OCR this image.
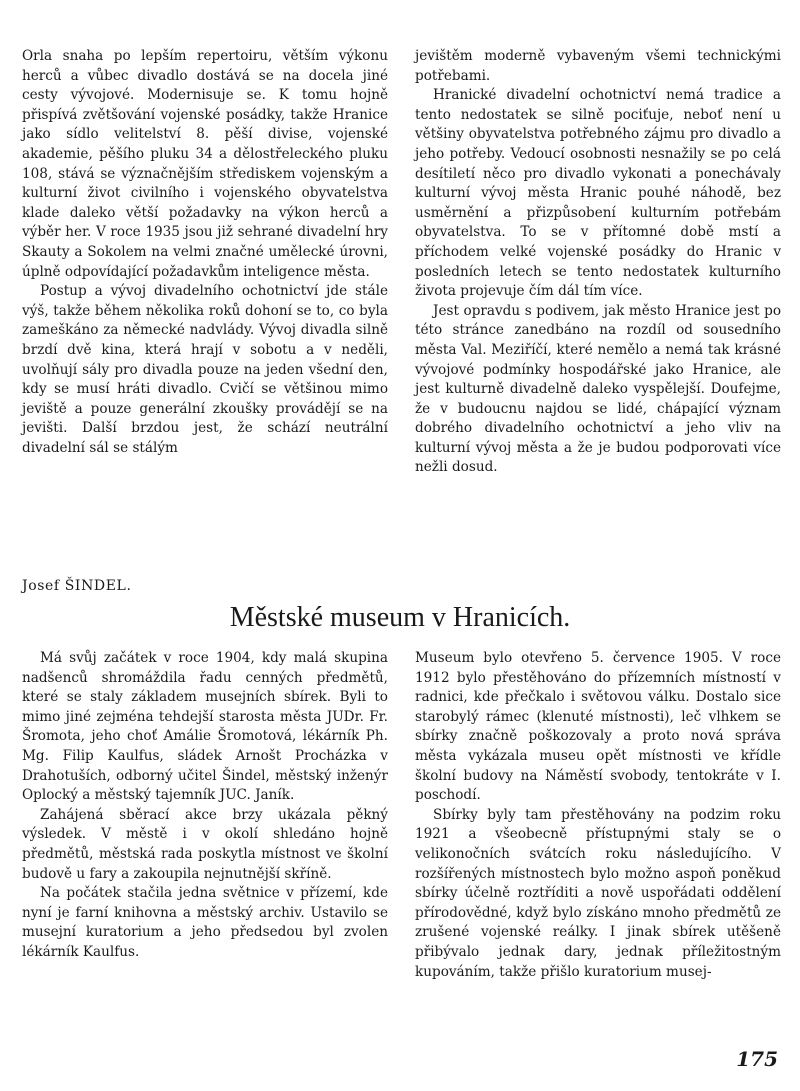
Orla snaha po lepším repertoiru, větším výkonu herců a vůbec divadlo dostává se na docela jiné cesty vývojové. Modernisuje se. K tomu hojně přispívá zvětšování vojenské posádky, takže Hranice jako sídlo velitelství 8. pěší divise, vojenské akademie, pěšího pluku 34 a dělostřeleckého pluku 108, stává se význačnějším střediskem vojenským a kulturní život civilního i vojenského obyvatelstva klade daleko větší požadavky na výkon herců a výběr her. V roce 1935 jsou již sehrané divadelní hry Skauty a Sokolem na velmi značné umělecké úrovni, úplně odpovídající požadavkům inteligence města.

Postup a vývoj divadelního ochotnictví jde stále výš, takže během několika roků dohoní se to, co byla zameškáno za německé nadvlády. Vývoj divadla silně brzdí dvě kina, která hrají v sobotu a v neděli, uvolňují sály pro divadla pouze na jeden všední den, kdy se musí hráti divadlo. Cvičí se většinou mimo jeviště a pouze generální zkoušky provádějí se na jevišti. Další brzdou jest, že schází neutrální divadelní sál se stálým

jevištěm moderně vybaveným všemi technickými potřebami.

Hranické divadelní ochotnictví nemá tradice a tento nedostatek se silně pociťuje, neboť není u většiny obyvatelstva potřebného zájmu pro divadlo a jeho potřeby. Vedoucí osobnosti nesnažily se po celá desítiletí něco pro divadlo vykonati a ponechávaly kulturní vývoj města Hranic pouhé náhodě, bez usměrnění a přizpůsobení kulturním potřebám obyvatelstva. To se v přítomné době mstí a příchodem velké vojenské posádky do Hranic v posledních letech se tento nedostatek kulturního života projevuje čím dál tím více.

Jest opravdu s podivem, jak město Hranice jest po této stránce zanedbáno na rozdíl od sousedního města Val. Meziříčí, které nemělo a nemá tak krásné vývojové podmínky hospodářské jako Hranice, ale jest kulturně divadelně daleko vyspělejší. Doufejme, že v budoucnu najdou se lidé, chápající význam dobrého divadelního ochotnictví a jeho vliv na kulturní vývoj města a že je budou podporovati více nežli dosud.

Josef ŠINDEL.
Městské museum v Hranicích.

Má svůj začátek v roce 1904, kdy malá skupina nadšenců shromáždila řadu cenných předmětů, které se staly základem musejních sbírek. Byli to mimo jiné zejména tehdejší starosta města JUDr. Fr. Šromota, jeho choť Amálie Šromotová, lékárník Ph. Mg. Filip Kaulfus, sládek Arnošt Procházka v Drahotuších, odborný učitel Šindel, městský inženýr Oplocký a městský tajemník JUC. Janík.

Zahájená sběrací akce brzy ukázala pěkný výsledek. V městě i v okolí shledáno hojně předmětů, městská rada poskytla místnost ve školní budově u fary a zakoupila nejnutnější skříně.

Na počátek stačila jedna světnice v přízemí, kde nyní je farní knihovna a městský archiv. Ustavilo se musejní kuratorium a jeho předsedou byl zvolen lékárník Kaulfus.

Museum bylo otevřeno 5. července 1905. V roce 1912 bylo přestěhováno do přízemních místností v radnici, kde přečkalo i světovou válku. Dostalo sice starobylý rámec (klenuté místnosti), leč vlhkem se sbírky značně poškozovaly a proto nová správa města vykázala museu opět místnosti ve křídle školní budovy na Náměstí svobody, tentokráte v I. poschodí.

Sbírky byly tam přestěhovány na podzim roku 1921 a všeobecně přístupnými staly se o velikonočních svátcích roku následujícího. V rozšířených místnostech bylo možno aspoň poněkud sbírky účelně roztříditi a nově uspořádati oddělení přírodovědné, když bylo získáno mnoho předmětů ze zrušené vojenské reálky. I jinak sbírek utěšeně přibývalo jednak dary, jednak příležitostným kupováním, takže přišlo kuratorium musej-

175
